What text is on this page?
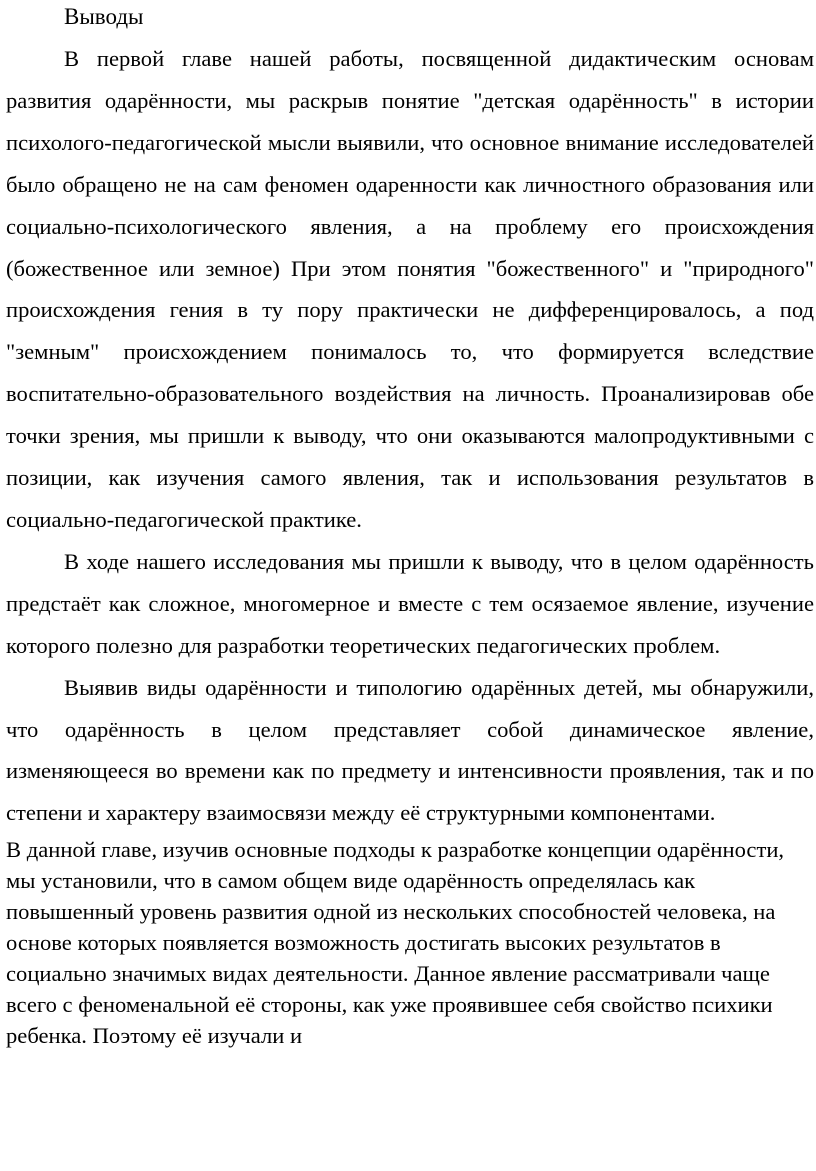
Выводы

В первой главе нашей работы, посвященной дидактическим основам развития одарённости, мы раскрыв понятие "детская одарённость" в истории психолого-педагогической мысли выявили, что основное внимание исследователей было обращено не на сам феномен одаренности как личностного образования или социально-психологического явления, а на проблему его происхождения (божественное или земное) При этом понятия "божественного" и "природного" происхождения гения в ту пору практически не дифференцировалось, а под "земным" происхождением понималось то, что формируется вследствие воспитательно-образовательного воздействия на личность. Проанализировав обе точки зрения, мы пришли к выводу, что они оказываются малопродуктивными с позиции, как изучения самого явления, так и использования результатов в социально-педагогической практике.

В ходе нашего исследования мы пришли к выводу, что в целом одарённость предстаёт как сложное, многомерное и вместе с тем осязаемое явление, изучение которого полезно для разработки теоретических педагогических проблем.

Выявив виды одарённости и типологию одарённых детей, мы обнаружили, что одарённость в целом представляет собой динамическое явление, изменяющееся во времени как по предмету и интенсивности проявления, так и по степени и характеру взаимосвязи между её структурными компонентами.

В данной главе, изучив основные подходы к разработке концепции одарённости, мы установили, что в самом общем виде одарённость определялась как повышенный уровень развития одной из нескольких способностей человека, на основе которых появляется возможность достигать высоких результатов в социально значимых видах деятельности. Данное явление рассматривали чаще всего с феноменальной её стороны, как уже проявившее себя свойство психики ребенка. Поэтому её изучали и
